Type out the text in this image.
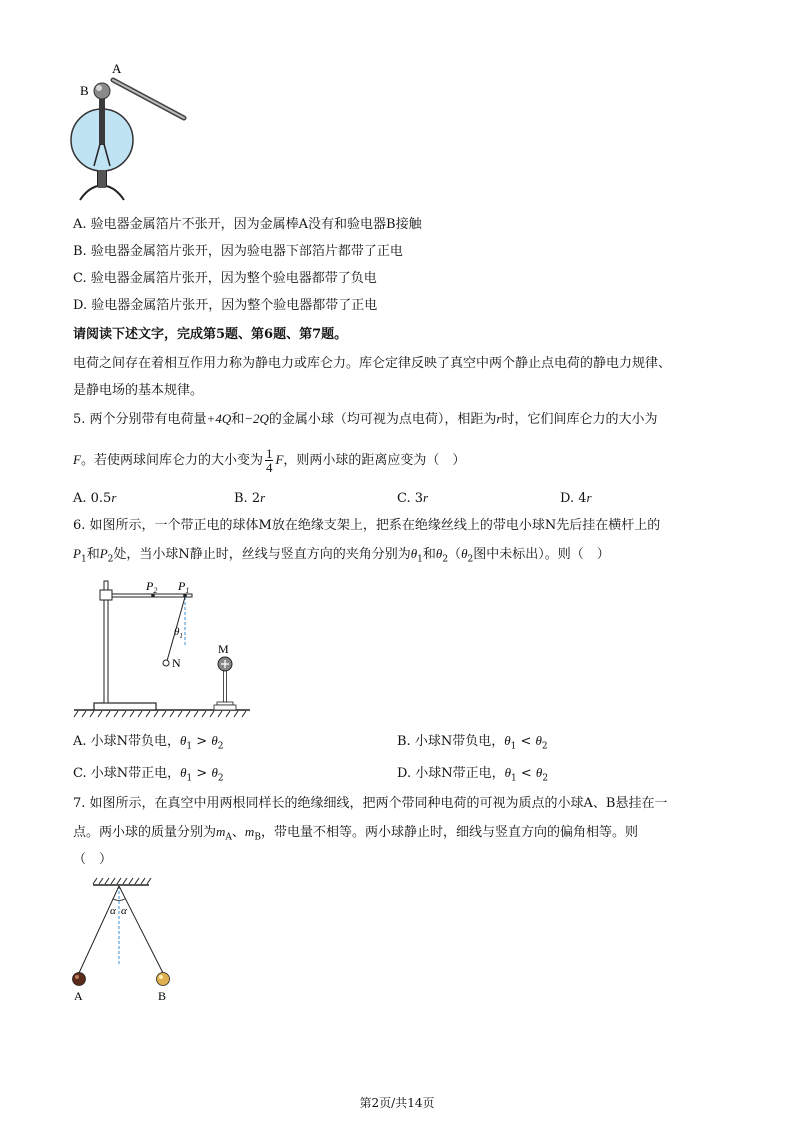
A
B
A. 验电器金属箔片不张开，因为金属棒A没有和验电器B接触
B. 验电器金属箔片张开，因为验电器下部箔片都带了正电
C. 验电器金属箔片张开，因为整个验电器都带了负电
D. 验电器金属箔片张开，因为整个验电器都带了正电
请阅读下述文字，完成第5题、第6题、第7题。
电荷之间存在着相互作用力称为静电力或库仑力。库仑定律反映了真空中两个静止点电荷的静电力规律、
是静电场的基本规律。
5. 两个分别带有电荷量+4Q和−2Q的金属小球（均可视为点电荷），相距为r时，它们间库仑力的大小为
F。若使两球间库仑力的大小变为 $\frac{1}{4}$ F，则两小球的距离应变为（　）
A. 0.5r	B. 2r	C. 3r	D. 4r
6. 如图所示，一个带正电的球体M放在绝缘支架上，把系在绝缘丝线上的带电小球N先后挂在横杆上的
$P_1$和$P_2$处，当小球N静止时，丝线与竖直方向的夹角分别为$\theta_1$和$\theta_2(\theta_2$图中未标出）。则（　）
$P_2$ $P_1$
$\theta_1$
N
M
A. 小球N带负电，$\theta_1 > \theta_2$	B. 小球N带负电，$\theta_1 < \theta_2$
C. 小球N带正电，$\theta_1 > \theta_2$	D. 小球N带正电，$\theta_1 < \theta_2$
7. 如图所示，在真空中用两根同样长的绝缘细线，把两个带同种电荷的可视为质点的小球A、B悬挂在一
点。两小球的质量分别为$m_A$、$m_B$，带电量不相等。两小球静止时，细线与竖直方向的偏角相等。则
（　）
α α
A	B
第2页/共14页
